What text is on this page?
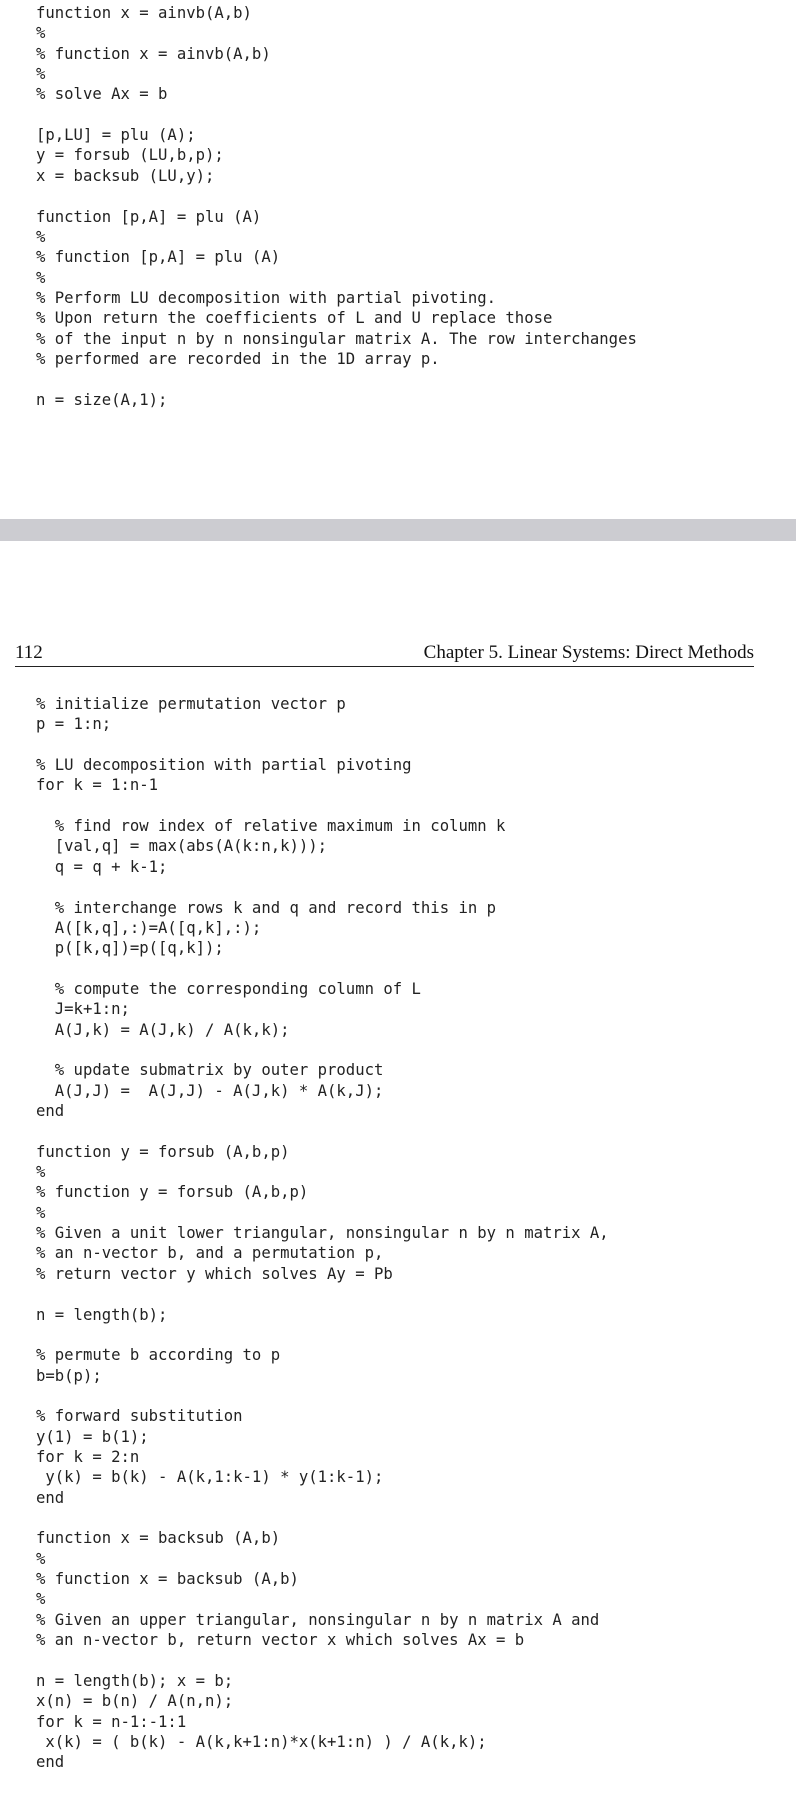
function x = ainvb(A,b)
%
% function x = ainvb(A,b)
%
% solve Ax = b
[p,LU] = plu (A);
y = forsub (LU,b,p);
x = backsub (LU,y);
function [p,A] = plu (A)
%
% function [p,A] = plu (A)
%
% Perform LU decomposition with partial pivoting.
% Upon return the coefficients of L and U replace those
% of the input n by n nonsingular matrix A. The row interchanges
% performed are recorded in the 1D array p.
n = size(A,1);
112	Chapter 5. Linear Systems: Direct Methods
% initialize permutation vector p
p = 1:n;
% LU decomposition with partial pivoting
for k = 1:n-1
% find row index of relative maximum in column k
[val,q] = max(abs(A(k:n,k)));
q = q + k-1;
% interchange rows k and q and record this in p
A([k,q],:)=A([q,k],:);
p([k,q])=p([q,k]);
% compute the corresponding column of L
J=k+1:n;
A(J,k) = A(J,k) / A(k,k);
% update submatrix by outer product
A(J,J) =  A(J,J) - A(J,k) * A(k,J);
end
function y = forsub (A,b,p)
%
% function y = forsub (A,b,p)
%
% Given a unit lower triangular, nonsingular n by n matrix A,
% an n-vector b, and a permutation p,
% return vector y which solves Ay = Pb
n = length(b);
% permute b according to p
b=b(p);
% forward substitution
y(1) = b(1);
for k = 2:n
y(k) = b(k) - A(k,1:k-1) * y(1:k-1);
end
function x = backsub (A,b)
%
% function x = backsub (A,b)
%
% Given an upper triangular, nonsingular n by n matrix A and
% an n-vector b, return vector x which solves Ax = b
n = length(b); x = b;
x(n) = b(n) / A(n,n);
for k = n-1:-1:1
x(k) = ( b(k) - A(k,k+1:n)*x(k+1:n) ) / A(k,k);
end
